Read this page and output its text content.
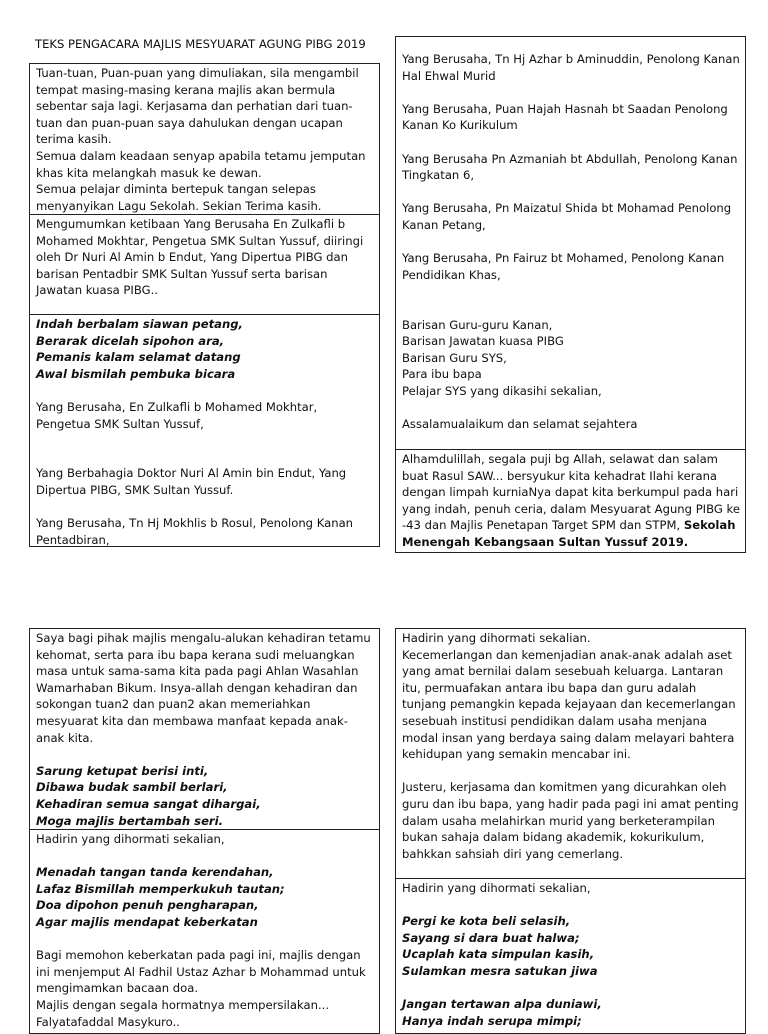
TEKS PENGACARA MAJLIS MESYUARAT AGUNG PIBG 2019

Tuan-tuan, Puan-puan yang dimuliakan, sila mengambil tempat masing-masing kerana majlis akan bermula sebentar saja lagi. Kerjasama dan perhatian dari tuan-tuan dan puan-puan saya dahulukan dengan ucapan terima kasih.

Semua dalam keadaan senyap apabila tetamu jemputan khas kita melangkah masuk ke dewan.

Semua pelajar diminta bertepuk tangan selepas menyanyikan Lagu Sekolah. Sekian Terima kasih.

Mengumumkan ketibaan Yang Berusaha En Zulkafli b Mohamed Mokhtar, Pengetua SMK Sultan Yussuf, diiringi oleh Dr Nuri Al Amin b Endut, Yang Dipertua PIBG dan barisan Pentadbir SMK Sultan Yussuf serta barisan Jawatan kuasa PIBG..

Indah berbalam siawan petang,

Berarak dicelah sipohon ara,

Pemanis kalam selamat datang

Awal bismilah pembuka bicara

Yang Berusaha, En Zulkafli b Mohamed Mokhtar, Pengetua SMK Sultan Yussuf,

Yang Berbahagia Doktor Nuri Al Amin bin Endut, Yang Dipertua PIBG, SMK Sultan Yussuf.

Yang Berusaha, Tn Hj Mokhlis b Rosul, Penolong Kanan Pentadbiran,

Yang Berusaha, Tn Hj Azhar b Aminuddin, Penolong Kanan Hal Ehwal Murid

Yang Berusaha, Puan Hajah Hasnah bt Saadan Penolong Kanan Ko Kurikulum

Yang Berusaha Pn Azmaniah bt Abdullah, Penolong Kanan Tingkatan 6,

Yang Berusaha, Pn Maizatul Shida bt Mohamad Penolong Kanan Petang,

Yang Berusaha, Pn Fairuz bt Mohamed, Penolong Kanan Pendidikan Khas,

Barisan Guru-guru Kanan,

Barisan Jawatan kuasa PIBG

Barisan Guru SYS,

Para ibu bapa

Pelajar SYS yang dikasihi sekalian,

Assalamualaikum dan selamat sejahtera

Alhamdulillah, segala puji bg Allah, selawat dan salam buat Rasul SAW... bersyukur kita kehadrat Ilahi kerana dengan limpah kurniaNya dapat kita berkumpul pada hari yang indah, penuh ceria, dalam Mesyuarat Agung PIBG ke -43 dan Majlis Penetapan Target SPM dan STPM, Sekolah Menengah Kebangsaan Sultan Yussuf 2019.

Saya bagi pihak majlis mengalu-alukan kehadiran tetamu kehomat, serta para ibu bapa kerana sudi meluangkan masa untuk sama-sama kita pada pagi Ahlan Wasahlan Wamarhaban Bikum. Insya-allah dengan kehadiran dan sokongan tuan2 dan puan2 akan memeriahkan mesyuarat kita dan membawa manfaat kepada anak-anak kita.

Sarung ketupat berisi inti,

Dibawa budak sambil berlari,

Kehadiran semua sangat dihargai,

Moga majlis bertambah seri.

Hadirin yang dihormati sekalian,

Menadah tangan tanda kerendahan,

Lafaz Bismillah memperkukuh tautan;

Doa dipohon penuh pengharapan,

Agar majlis mendapat keberkatan

Bagi memohon keberkatan pada pagi ini, majlis dengan ini menjemput Al Fadhil Ustaz Azhar b Mohammad untuk mengimamkan bacaan doa.

Majlis dengan segala hormatnya mempersilakan...

Falyatafaddal Masykuro..

Hadirin yang dihormati sekalian.

Kecemerlangan dan kemenjadian anak-anak adalah aset yang amat bernilai dalam sesebuah keluarga. Lantaran itu, permuafakan antara ibu bapa dan guru adalah tunjang pemangkin kepada kejayaan dan kecemerlangan sesebuah institusi pendidikan dalam usaha menjana modal insan yang berdaya saing dalam melayari bahtera kehidupan yang semakin mencabar ini.

Justeru, kerjasama dan komitmen yang dicurahkan oleh guru dan ibu bapa, yang hadir pada pagi ini amat penting dalam usaha melahirkan murid yang berketerampilan bukan sahaja dalam bidang akademik, kokurikulum, bahkkan sahsiah diri yang cemerlang.

Hadirin yang dihormati sekalian,

Pergi ke kota beli selasih,

Sayang si dara buat halwa;

Ucaplah kata simpulan kasih,

Sulamkan mesra satukan jiwa

Jangan tertawan alpa duniawi,

Hanya indah serupa mimpi;
